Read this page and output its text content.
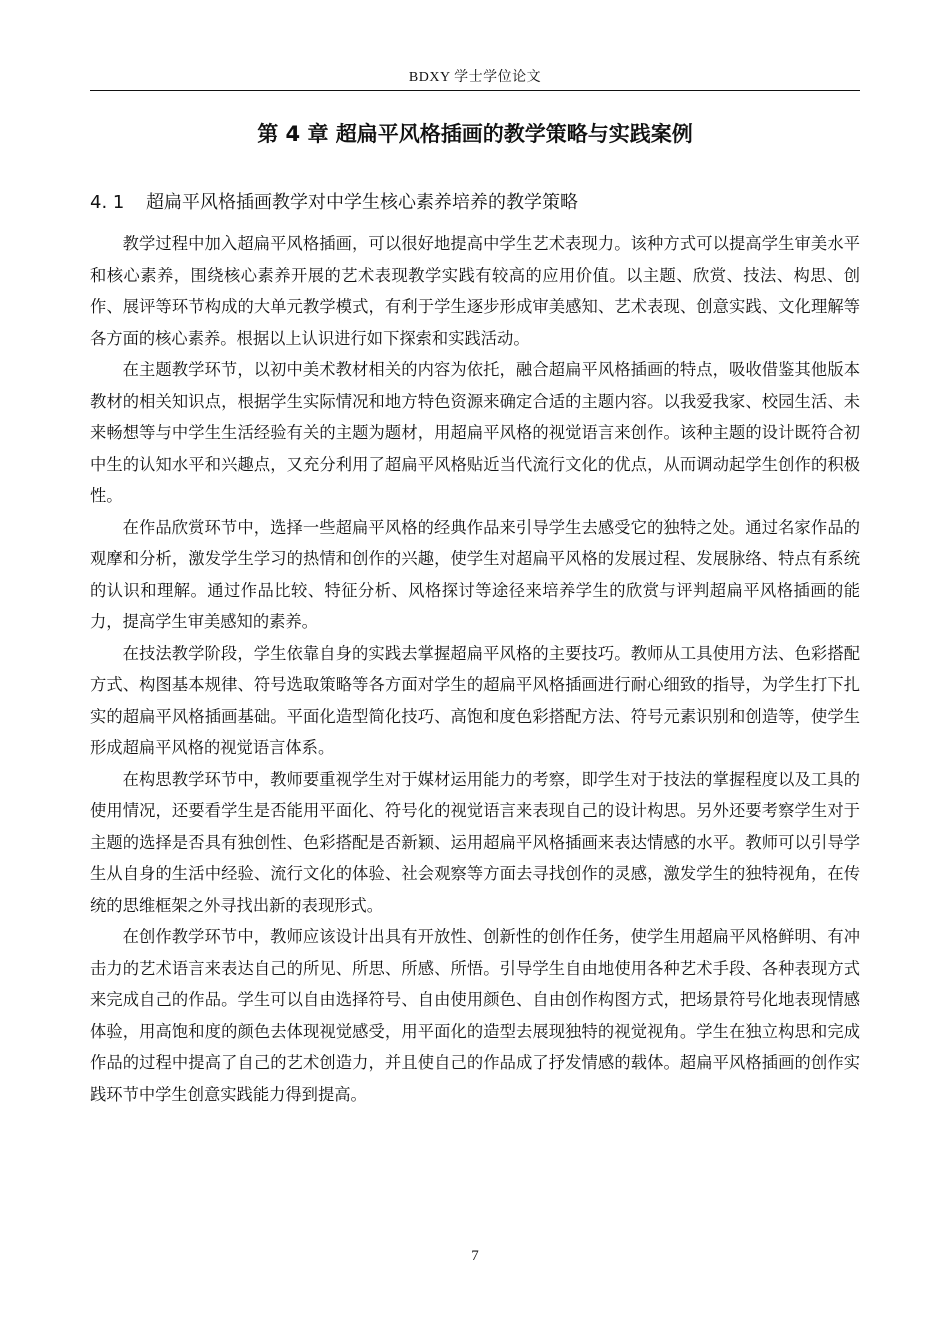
BDXY 学士学位论文
第 4 章 超扁平风格插画的教学策略与实践案例
4. 1 超扁平风格插画教学对中学生核心素养培养的教学策略

教学过程中加入超扁平风格插画，可以很好地提高中学生艺术表现力。该种方式可以提高学生审美水平和核心素养，围绕核心素养开展的艺术表现教学实践有较高的应用价值。以主题、欣赏、技法、构思、创作、展评等环节构成的大单元教学模式，有利于学生逐步形成审美感知、艺术表现、创意实践、文化理解等各方面的核心素养。根据以上认识进行如下探索和实践活动。

在主题教学环节，以初中美术教材相关的内容为依托，融合超扁平风格插画的特点，吸收借鉴其他版本教材的相关知识点，根据学生实际情况和地方特色资源来确定合适的主题内容。以我爱我家、校园生活、未来畅想等与中学生生活经验有关的主题为题材，用超扁平风格的视觉语言来创作。该种主题的设计既符合初中生的认知水平和兴趣点，又充分利用了超扁平风格贴近当代流行文化的优点，从而调动起学生创作的积极性。

在作品欣赏环节中，选择一些超扁平风格的经典作品来引导学生去感受它的独特之处。通过名家作品的观摩和分析，激发学生学习的热情和创作的兴趣，使学生对超扁平风格的发展过程、发展脉络、特点有系统的认识和理解。通过作品比较、特征分析、风格探讨等途径来培养学生的欣赏与评判超扁平风格插画的能力，提高学生审美感知的素养。

在技法教学阶段，学生依靠自身的实践去掌握超扁平风格的主要技巧。教师从工具使用方法、色彩搭配方式、构图基本规律、符号选取策略等各方面对学生的超扁平风格插画进行耐心细致的指导，为学生打下扎实的超扁平风格插画基础。平面化造型简化技巧、高饱和度色彩搭配方法、符号元素识别和创造等，使学生形成超扁平风格的视觉语言体系。

在构思教学环节中，教师要重视学生对于媒材运用能力的考察，即学生对于技法的掌握程度以及工具的使用情况，还要看学生是否能用平面化、符号化的视觉语言来表现自己的设计构思。另外还要考察学生对于主题的选择是否具有独创性、色彩搭配是否新颖、运用超扁平风格插画来表达情感的水平。教师可以引导学生从自身的生活中经验、流行文化的体验、社会观察等方面去寻找创作的灵感，激发学生的独特视角，在传统的思维框架之外寻找出新的表现形式。

在创作教学环节中，教师应该设计出具有开放性、创新性的创作任务，使学生用超扁平风格鲜明、有冲击力的艺术语言来表达自己的所见、所思、所感、所悟。引导学生自由地使用各种艺术手段、各种表现方式来完成自己的作品。学生可以自由选择符号、自由使用颜色、自由创作构图方式，把场景符号化地表现情感体验，用高饱和度的颜色去体现视觉感受，用平面化的造型去展现独特的视觉视角。学生在独立构思和完成作品的过程中提高了自己的艺术创造力，并且使自己的作品成了抒发情感的载体。超扁平风格插画的创作实践环节中学生创意实践能力得到提高。

7
